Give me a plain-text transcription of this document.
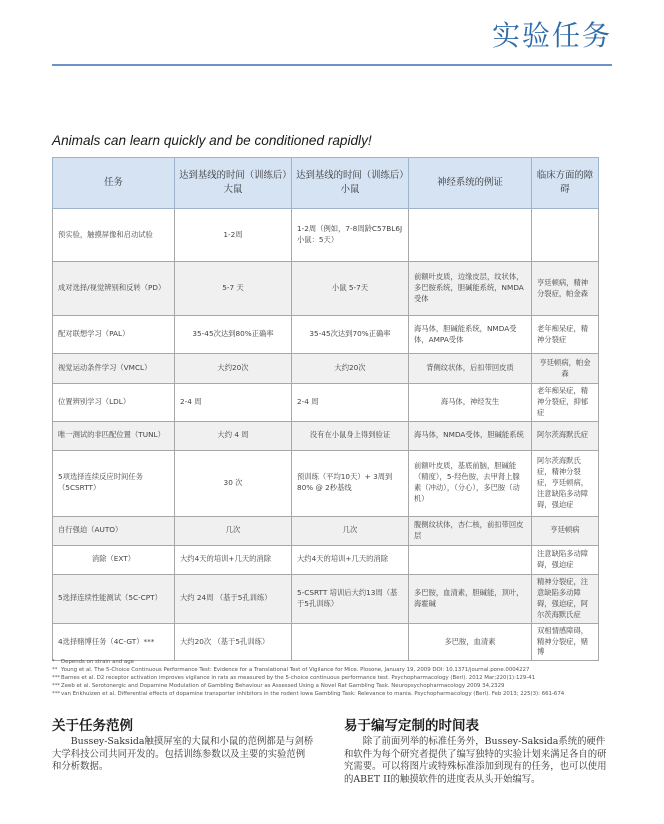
实验任务
Animals can learn quickly and be conditioned rapidly!
任务	达到基线的时间（训练后）大鼠	达到基线的时间（训练后）小鼠	神经系统的例证	临床方面的障碍
预实验，触摸屏像和启动试验	1-2周	1-2周（例如，7-8周龄C57BL6J小鼠：5天）		
成对选择/视觉辨别和反转（PD）	5-7 天	小鼠 5-7天	前额叶皮质，边缘皮层，纹状体，多巴胺系统，胆碱能系统，NMDA受体	亨廷顿病，精神分裂症，帕金森
配对联想学习（PAL）	35-45次达到80%正确率	35-45次达到70%正确率	海马体，胆碱能系统，NMDA受体，AMPA受体	老年痴呆症，精神分裂症
视觉运动条件学习（VMCL）	大约20次	大约20次	背侧纹状体，后扣带回皮质	亨廷顿病，帕金森
位置辨别学习（LDL）	2-4 周	2-4 周	海马体，神经发生	老年痴呆症，精神分裂症，抑郁症
唯一测试的非匹配位置（TUNL）	大约 4 周	没有在小鼠身上得到验证	海马体，NMDA受体，胆碱能系统	阿尔茨海默氏症
5项选择连续反应时间任务（5CSRTT）	30 次	预训练（平均10天）+ 3周到80% @ 2秒基线	前额叶皮质，基底前脑，胆碱能（精度），5-羟色胺，去甲肾上腺素（冲动），（分心），多巴胺（动机）	阿尔茨海默氏症，精神分裂症，亨廷顿病，注意缺陷多动障碍，强迫症
自行强迫（AUTO）	几次	几次	腹侧纹状体，杏仁核，前扣带回皮层	亨廷顿病
消除（EXT）	大约4天的培训+几天的消除	大约4天的培训+几天的消除		注意缺陷多动障碍，强迫症
5选择连续性能测试（5C-CPT）	大约 24周 （基于5孔训练）	5-CSRTT 培训后大约13周（基于5孔训练）	多巴胺，血清素，胆碱能，顶叶，海霍碱	精神分裂症，注意缺陷多动障碍，强迫症，阿尔茨海默氏症
4选择赌博任务（4C-GT）***	大约20次 （基于5孔训练）		多巴胺，血清素	双相情感障碍，精神分裂症，赌博
* Depends on strain and age
** Young et al. The 5-Choice Continuous Performance Test: Evidence for a Translational Test of Vigilance for Mice. Plosone, January 19, 2009 DOI: 10.1371/journal.pone.0004227
***Barnes et al. D2 receptor activation improves vigilance in rats as measured by the 5-choice continuous performance test. Psychopharmacology (Berl). 2012 Mar;220(1):129-41
***Zeeb et al. Serotonergic and Dopamine Modulation of Gambling Behaviour as Assessed Using a Novel Rat Gambling Task. Neuropsychopharmacology 2009 34,2329
***van Enkhuizen et al. Differential effects of dopamine transporter inhibitors in the rodent Iowa Gambling Task: Relevance to mania. Psychopharmacology (Berl). Feb 2013; 225(3): 661-674
关于任务范例
Bussey-Saksida触摸屏室的大鼠和小鼠的范例都是与剑桥大学科技公司共同开发的。包括训练参数以及主要的实验范例和分析数据。
易于编写定制的时间表
除了前面列举的标准任务外，Bussey-Saksida系统的硬件和软件为每个研究者提供了编写独特的实验计划来满足各自的研究需要。可以将图片或特殊标准添加到现有的任务，也可以使用的ABET II的触摸软件的进度表从头开始编写。
